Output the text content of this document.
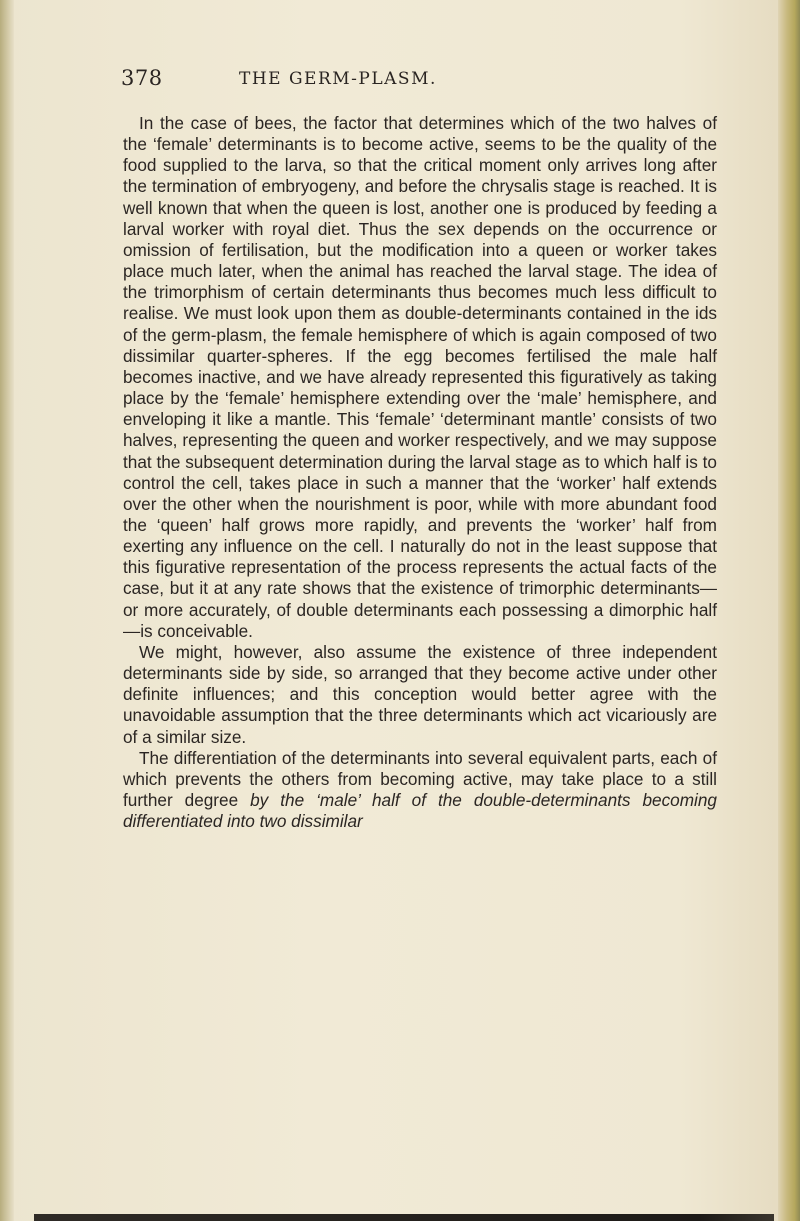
378	THE GERM-PLASM.

In the case of bees, the factor that determines which of the two halves of the ‘female’ determinants is to become active, seems to be the quality of the food supplied to the larva, so that the critical moment only arrives long after the termination of embryogeny, and before the chrysalis stage is reached. It is well known that when the queen is lost, another one is produced by feeding a larval worker with royal diet. Thus the sex depends on the occurrence or omission of fertilisation, but the modification into a queen or worker takes place much later, when the animal has reached the larval stage. The idea of the trimorphism of certain determinants thus becomes much less difficult to realise. We must look upon them as double-determinants contained in the ids of the germ-plasm, the female hemisphere of which is again composed of two dissimilar quarter-spheres. If the egg becomes fertilised the male half becomes inactive, and we have already represented this figuratively as taking place by the ‘female’ hemisphere extending over the ‘male’ hemisphere, and enveloping it like a mantle. This ‘female’ ‘determinant mantle’ consists of two halves, representing the queen and worker respectively, and we may suppose that the subsequent determination during the larval stage as to which half is to control the cell, takes place in such a manner that the ‘worker’ half extends over the other when the nourishment is poor, while with more abundant food the ‘queen’ half grows more rapidly, and prevents the ‘worker’ half from exerting any influence on the cell. I naturally do not in the least suppose that this figurative representation of the process represents the actual facts of the case, but it at any rate shows that the existence of trimorphic determinants—or more accurately, of double determinants each possessing a dimorphic half—is conceivable.

We might, however, also assume the existence of three independent determinants side by side, so arranged that they become active under other definite influences; and this conception would better agree with the unavoidable assumption that the three determinants which act vicariously are of a similar size.

The differentiation of the determinants into several equivalent parts, each of which prevents the others from becoming active, may take place to a still further degree by the ‘male’ half of the double-determinants becoming differentiated into two dissimilar
